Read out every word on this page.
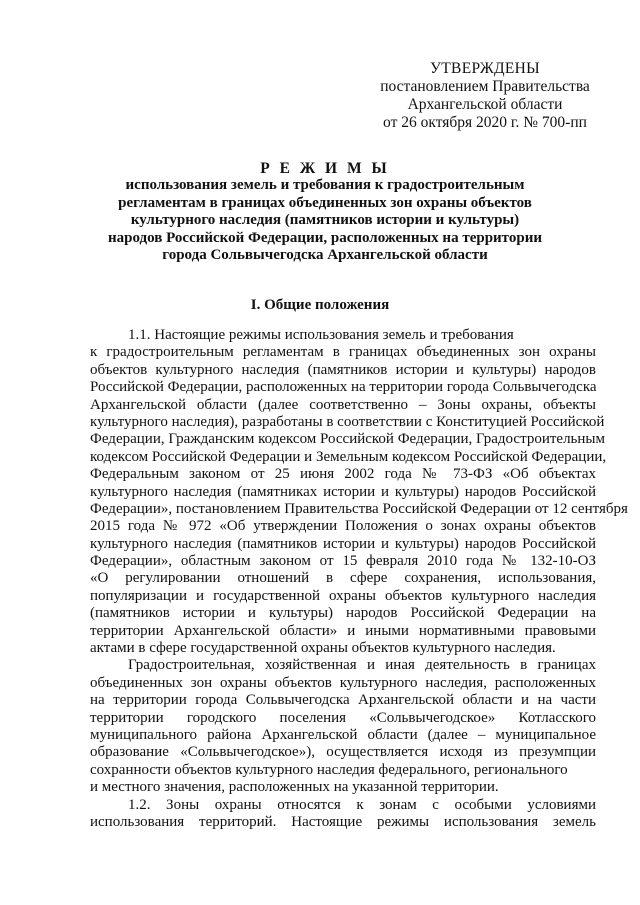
УТВЕРЖДЕНЫ
постановлением Правительства
Архангельской области
от 26 октября 2020 г. № 700-пп
Р Е Ж И М Ы
использования земель и требования к градостроительным
регламентам в границах объединенных зон охраны объектов
культурного наследия (памятников истории и культуры)
народов Российской Федерации, расположенных на территории
города Сольвычегодска Архангельской области
I. Общие положения
1.1. Настоящие режимы использования земель и требования
к градостроительным регламентам в границах объединенных зон охраны
объектов культурного наследия (памятников истории и культуры) народов
Российской Федерации, расположенных на территории города Сольвычегодска
Архангельской области (далее соответственно – Зоны охраны, объекты
культурного наследия), разработаны в соответствии с Конституцией Российской
Федерации, Гражданским кодексом Российской Федерации, Градостроительным
кодексом Российской Федерации и Земельным кодексом Российской Федерации,
Федеральным законом от 25 июня 2002 года № 73-ФЗ «Об объектах
культурного наследия (памятниках истории и культуры) народов Российской
Федерации», постановлением Правительства Российской Федерации от 12 сентября
2015 года № 972 «Об утверждении Положения о зонах охраны объектов
культурного наследия (памятников истории и культуры) народов Российской
Федерации», областным законом от 15 февраля 2010 года № 132-10-ОЗ
«О регулировании отношений в сфере сохранения, использования,
популяризации и государственной охраны объектов культурного наследия
(памятников истории и культуры) народов Российской Федерации на
территории Архангельской области» и иными нормативными правовыми
актами в сфере государственной охраны объектов культурного наследия.
Градостроительная, хозяйственная и иная деятельность в границах
объединенных зон охраны объектов культурного наследия, расположенных
на территории города Сольвычегодска Архангельской области и на части
территории городского поселения «Сольвычегодское» Котласского
муниципального района Архангельской области (далее – муниципальное
образование «Сольвычегодское»), осуществляется исходя из презумпции
сохранности объектов культурного наследия федерального, регионального
и местного значения, расположенных на указанной территории.
1.2. Зоны охраны относятся к зонам с особыми условиями
использования территорий. Настоящие режимы использования земель
